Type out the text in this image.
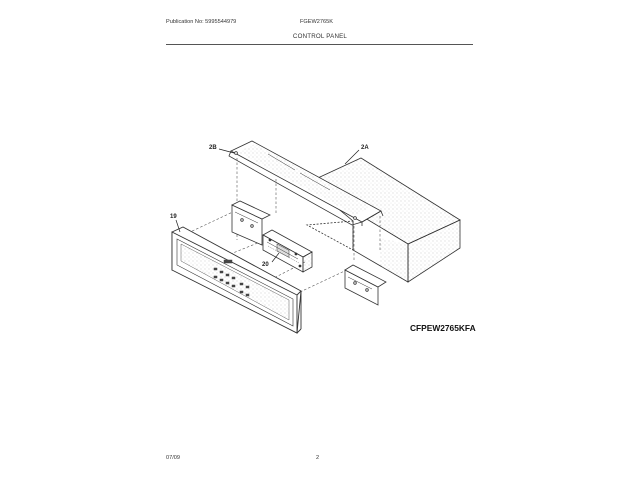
Publication No: 5995544979	FGEW2765K
CONTROL PANEL
2B	2A
19
20
CFPEW2765KFA
07/09	2
